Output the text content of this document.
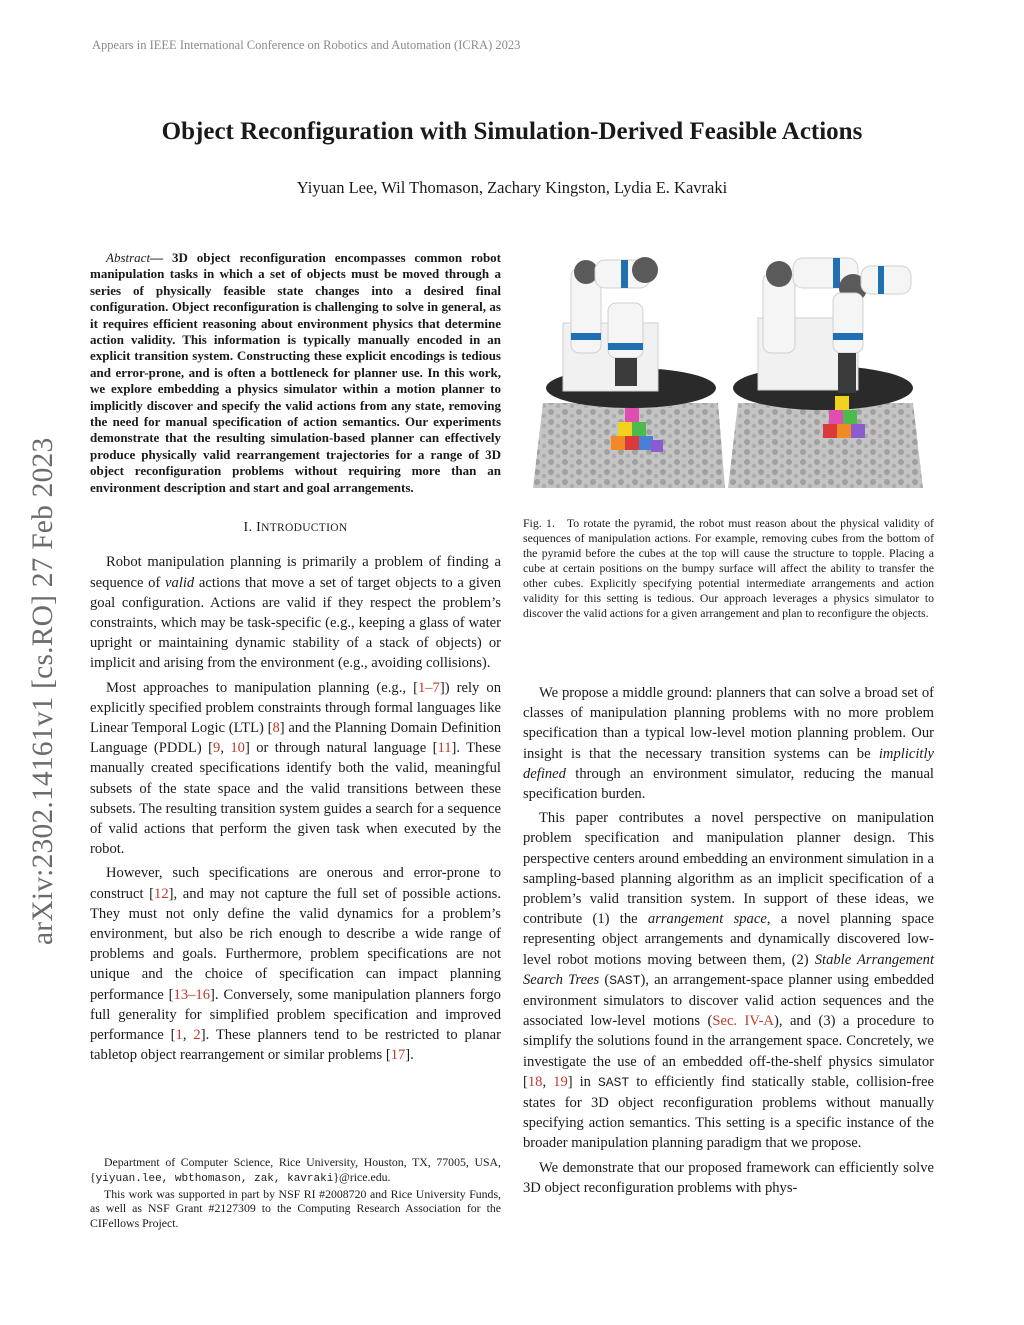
Appears in IEEE International Conference on Robotics and Automation (ICRA) 2023
arXiv:2302.14161v1 [cs.RO] 27 Feb 2023
Object Reconfiguration with Simulation-Derived Feasible Actions
Yiyuan Lee, Wil Thomason, Zachary Kingston, Lydia E. Kavraki

Abstract— 3D object reconfiguration encompasses common robot manipulation tasks in which a set of objects must be moved through a series of physically feasible state changes into a desired final configuration. Object reconfiguration is challenging to solve in general, as it requires efficient reasoning about environment physics that determine action validity. This information is typically manually encoded in an explicit transition system. Constructing these explicit encodings is tedious and error-prone, and is often a bottleneck for planner use. In this work, we explore embedding a physics simulator within a motion planner to implicitly discover and specify the valid actions from any state, removing the need for manual specification of action semantics. Our experiments demonstrate that the resulting simulation-based planner can effectively produce physically valid rearrangement trajectories for a range of 3D object reconfiguration problems without requiring more than an environment description and start and goal arrangements.

I. INTRODUCTION

Robot manipulation planning is primarily a problem of finding a sequence of valid actions that move a set of target objects to a given goal configuration. Actions are valid if they respect the problem’s constraints, which may be task-specific (e.g., keeping a glass of water upright or maintaining dynamic stability of a stack of objects) or implicit and arising from the environment (e.g., avoiding collisions).

Most approaches to manipulation planning (e.g., [1–7]) rely on explicitly specified problem constraints through formal languages like Linear Temporal Logic (LTL) [8] and the Planning Domain Definition Language (PDDL) [9, 10] or through natural language [11]. These manually created specifications identify both the valid, meaningful subsets of the state space and the valid transitions between these subsets. The resulting transition system guides a search for a sequence of valid actions that perform the given task when executed by the robot.

However, such specifications are onerous and error-prone to construct [12], and may not capture the full set of possible actions. They must not only define the valid dynamics for a problem’s environment, but also be rich enough to describe a wide range of problems and goals. Furthermore, problem specifications are not unique and the choice of specification can impact planning performance [13–16]. Conversely, some manipulation planners forgo full generality for simplified problem specification and improved performance [1, 2]. These planners tend to be restricted to planar tabletop object rearrangement or similar problems [17].

Department of Computer Science, Rice University, Houston, TX, 77005, USA, {yiyuan.lee, wbthomason, zak, kavraki}@rice.edu.

This work was supported in part by NSF RI #2008720 and Rice University Funds, as well as NSF Grant #2127309 to the Computing Research Association for the CIFellows Project.

Fig. 1. To rotate the pyramid, the robot must reason about the physical validity of sequences of manipulation actions. For example, removing cubes from the bottom of the pyramid before the cubes at the top will cause the structure to topple. Placing a cube at certain positions on the bumpy surface will affect the ability to transfer the other cubes. Explicitly specifying potential intermediate arrangements and action validity for this setting is tedious. Our approach leverages a physics simulator to discover the valid actions for a given arrangement and plan to reconfigure the objects.

We propose a middle ground: planners that can solve a broad set of classes of manipulation planning problems with no more problem specification than a typical low-level motion planning problem. Our insight is that the necessary transition systems can be implicitly defined through an environment simulator, reducing the manual specification burden.

This paper contributes a novel perspective on manipulation problem specification and manipulation planner design. This perspective centers around embedding an environment simulation in a sampling-based planning algorithm as an implicit specification of a problem’s valid transition system. In support of these ideas, we contribute (1) the arrangement space, a novel planning space representing object arrangements and dynamically discovered low-level robot motions moving between them, (2) Stable Arrangement Search Trees (SAST), an arrangement-space planner using embedded environment simulators to discover valid action sequences and the associated low-level motions (Sec. IV-A), and (3) a procedure to simplify the solutions found in the arrangement space. Concretely, we investigate the use of an embedded off-the-shelf physics simulator [18, 19] in SAST to efficiently find statically stable, collision-free states for 3D object reconfiguration problems without manually specifying action semantics. This setting is a specific instance of the broader manipulation planning paradigm that we propose.

We demonstrate that our proposed framework can efficiently solve 3D object reconfiguration problems with phys-
